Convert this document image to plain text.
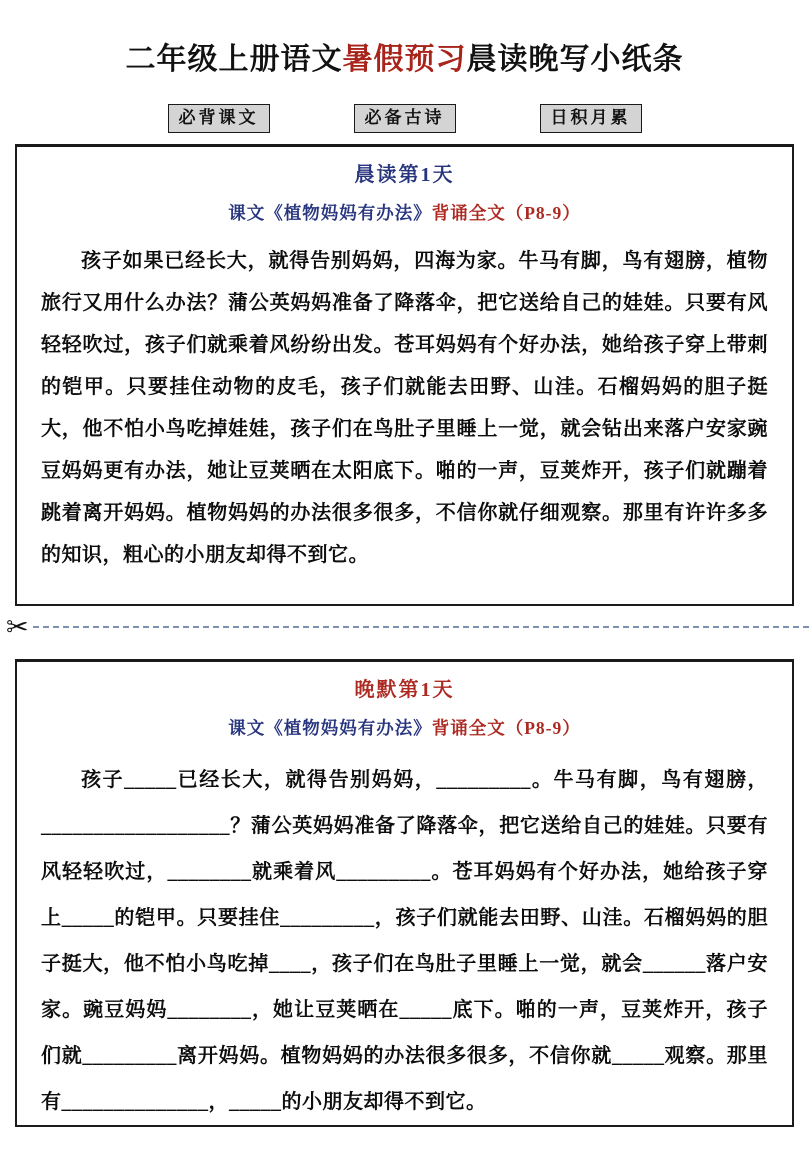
二年级上册语文暑假预习晨读晚写小纸条
必背课文	必备古诗	日积月累
晨读第1天
课文《植物妈妈有办法》背诵全文（P8-9）
孩子如果已经长大，就得告别妈妈，四海为家。牛马有脚，鸟有翅膀，植物旅行又用什么办法？蒲公英妈妈准备了降落伞，把它送给自己的娃娃。只要有风轻轻吹过，孩子们就乘着风纷纷出发。苍耳妈妈有个好办法，她给孩子穿上带刺的铠甲。只要挂住动物的皮毛，孩子们就能去田野、山洼。石榴妈妈的胆子挺大，他不怕小鸟吃掉娃娃，孩子们在鸟肚子里睡上一觉，就会钻出来落户安家豌豆妈妈更有办法，她让豆荚晒在太阳底下。啪的一声，豆荚炸开，孩子们就蹦着跳着离开妈妈。植物妈妈的办法很多很多，不信你就仔细观察。那里有许许多多的知识，粗心的小朋友却得不到它。
✂
晚默第1天
课文《植物妈妈有办法》背诵全文（P8-9）
孩子_____已经长大，就得告别妈妈，_________。牛马有脚，鸟有翅膀，__________________？蒲公英妈妈准备了降落伞，把它送给自己的娃娃。只要有风轻轻吹过，________就乘着风_________。苍耳妈妈有个好办法，她给孩子穿上_____的铠甲。只要挂住_________，孩子们就能去田野、山洼。石榴妈妈的胆子挺大，他不怕小鸟吃掉____，孩子们在鸟肚子里睡上一觉，就会______落户安家。豌豆妈妈________，她让豆荚晒在_____底下。啪的一声，豆荚炸开，孩子们就_________离开妈妈。植物妈妈的办法很多很多，不信你就_____观察。那里有______________，_____的小朋友却得不到它。
